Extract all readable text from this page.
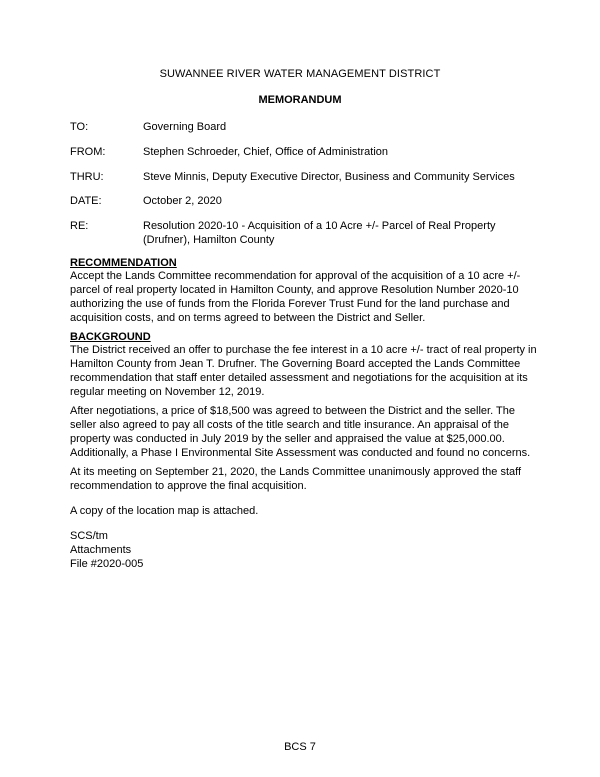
SUWANNEE RIVER WATER MANAGEMENT DISTRICT
MEMORANDUM
TO:	Governing Board
FROM:	Stephen Schroeder, Chief, Office of Administration
THRU:	Steve Minnis, Deputy Executive Director, Business and Community Services
DATE:	October 2, 2020
RE:	Resolution 2020-10 - Acquisition of a 10 Acre +/- Parcel of Real Property
(Drufner), Hamilton County
RECOMMENDATION
Accept the Lands Committee recommendation for approval of the acquisition of a 10 acre +/-
parcel of real property located in Hamilton County, and approve Resolution Number 2020-10
authorizing the use of funds from the Florida Forever Trust Fund for the land purchase and
acquisition costs, and on terms agreed to between the District and Seller.
BACKGROUND
The District received an offer to purchase the fee interest in a 10 acre +/- tract of real property in
Hamilton County from Jean T. Drufner. The Governing Board accepted the Lands Committee
recommendation that staff enter detailed assessment and negotiations for the acquisition at its
regular meeting on November 12, 2019.
After negotiations, a price of $18,500 was agreed to between the District and the seller. The
seller also agreed to pay all costs of the title search and title insurance. An appraisal of the
property was conducted in July 2019 by the seller and appraised the value at $25,000.00.
Additionally, a Phase I Environmental Site Assessment was conducted and found no concerns.
At its meeting on September 21, 2020, the Lands Committee unanimously approved the staff
recommendation to approve the final acquisition.
A copy of the location map is attached.
SCS/tm
Attachments
File #2020-005
BCS 7
